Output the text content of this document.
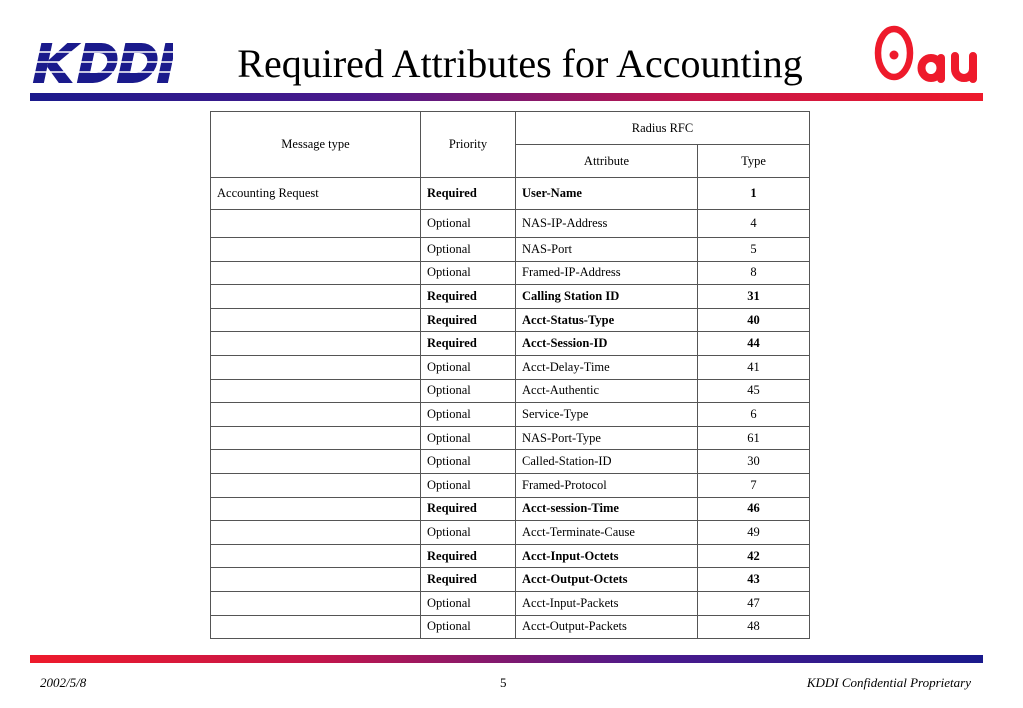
Required Attributes for Accounting
Message type	Priority	Radius RFC	
		Attribute	Type
Accounting Request	Required	User-Name	1
	Optional	NAS-IP-Address	4
	Optional	NAS-Port	5
	Optional	Framed-IP-Address	8
	Required	Calling Station ID	31
	Required	Acct-Status-Type	40
	Required	Acct-Session-ID	44
	Optional	Acct-Delay-Time	41
	Optional	Acct-Authentic	45
	Optional	Service-Type	6
	Optional	NAS-Port-Type	61
	Optional	Called-Station-ID	30
	Optional	Framed-Protocol	7
	Required	Acct-session-Time	46
	Optional	Acct-Terminate-Cause	49
	Required	Acct-Input-Octets	42
	Required	Acct-Output-Octets	43
	Optional	Acct-Input-Packets	47
	Optional	Acct-Output-Packets	48
2002/5/8	5	KDDI Confidential Proprietary
